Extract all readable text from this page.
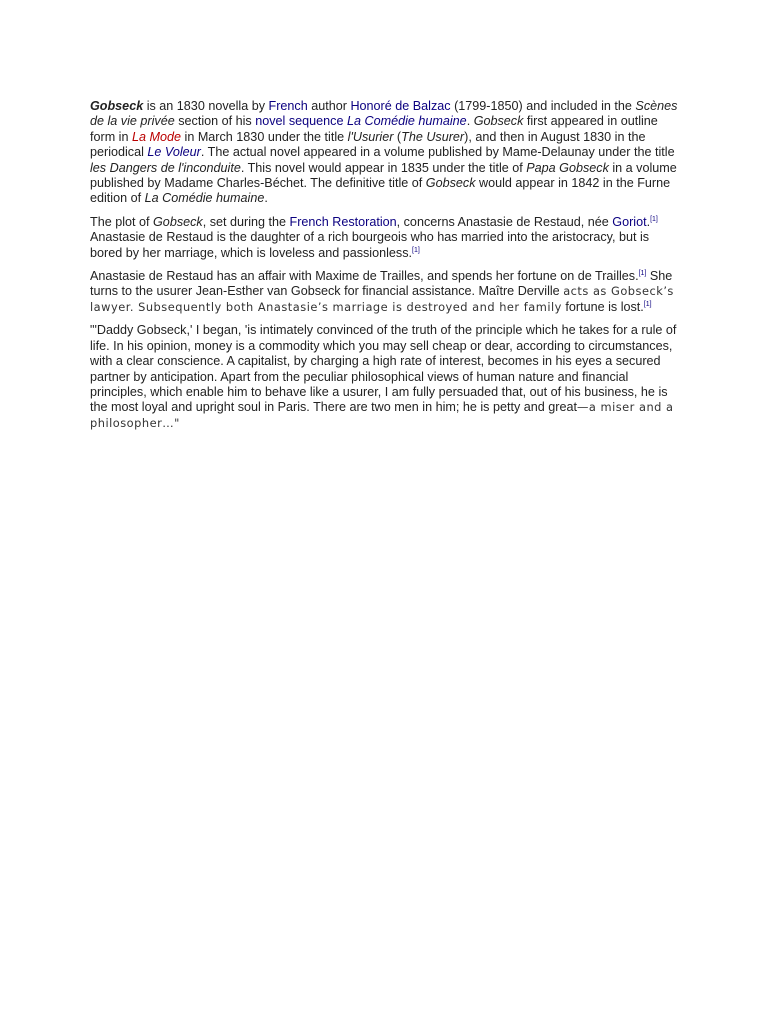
Gobseck is an 1830 novella by French author Honoré de Balzac (1799-1850) and included in the Scènes de la vie privée section of his novel sequence La Comédie humaine. Gobseck first appeared in outline form in La Mode in March 1830 under the title l'Usurier (The Usurer), and then in August 1830 in the periodical Le Voleur. The actual novel appeared in a volume published by Mame-Delaunay under the title les Dangers de l'inconduite. This novel would appear in 1835 under the title of Papa Gobseck in a volume published by Madame Charles-Béchet. The definitive title of Gobseck would appear in 1842 in the Furne edition of La Comédie humaine.

The plot of Gobseck, set during the French Restoration, concerns Anastasie de Restaud, née Goriot.[1] Anastasie de Restaud is the daughter of a rich bourgeois who has married into the aristocracy, but is bored by her marriage, which is loveless and passionless.[1]

Anastasie de Restaud has an affair with Maxime de Trailles, and spends her fortune on de Trailles.[1] She turns to the usurer Jean-Esther van Gobseck for financial assistance. Maître Derville acts as Gobseck’s lawyer. Subsequently both Anastasie’s marriage is destroyed and her family fortune is lost.[1]

"'Daddy Gobseck,' I began, 'is intimately convinced of the truth of the principle which he takes for a rule of life. In his opinion, money is a commodity which you may sell cheap or dear, according to circumstances, with a clear conscience. A capitalist, by charging a high rate of interest, becomes in his eyes a secured partner by anticipation. Apart from the peculiar philosophical views of human nature and financial principles, which enable him to behave like a usurer, I am fully persuaded that, out of his business, he is the most loyal and upright soul in Paris. There are two men in him; he is petty and great—a miser and a philosopher…"
